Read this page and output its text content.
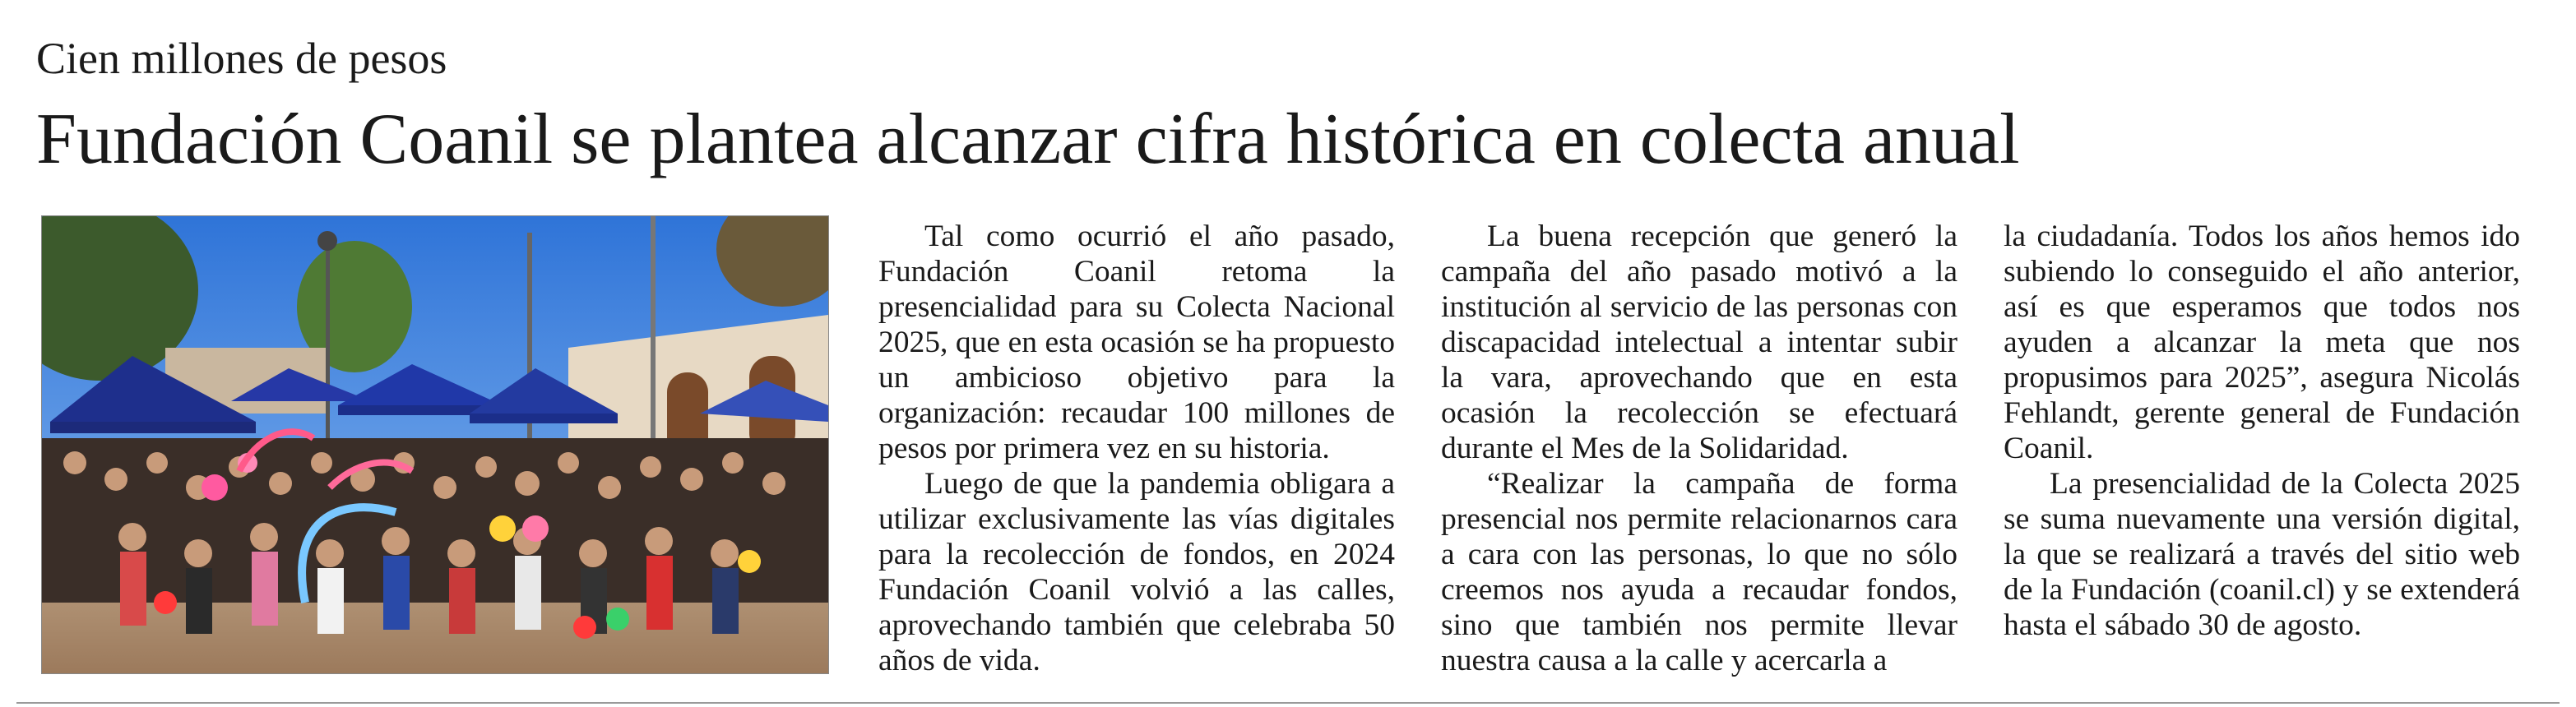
Cien millones de pesos
Fundación Coanil se plantea alcanzar cifra histórica en colecta anual

Tal como ocurrió el año pasado, Fundación Coanil retoma la presencialidad para su Colecta Nacional 2025, que en esta ocasión se ha propuesto un ambicioso objetivo para la organización: recaudar 100 millones de pesos por primera vez en su historia.

Luego de que la pandemia obligara a utilizar exclusivamente las vías digitales para la recolección de fondos, en 2024 Fundación Coanil volvió a las calles, aprovechando también que celebraba 50 años de vida.

La buena recepción que generó la campaña del año pasado motivó a la institución al servicio de las personas con discapacidad intelectual a intentar subir la vara, aprovechando que en esta ocasión la recolección se efectuará durante el Mes de la Solidaridad.

“Realizar la campaña de forma presencial nos permite relacionarnos cara a cara con las personas, lo que no sólo creemos nos ayuda a recaudar fondos, sino que también nos permite llevar nuestra causa a la calle y acercarla a

la ciudadanía. Todos los años hemos ido subiendo lo conseguido el año anterior, así es que esperamos que todos nos ayuden a alcanzar la meta que nos propusimos para 2025”, asegura Nicolás Fehlandt, gerente general de Fundación Coanil.

La presencialidad de la Colecta 2025 se suma nuevamente una versión digital, la que se realizará a través del sitio web de la Fundación (coanil.cl) y se extenderá hasta el sábado 30 de agosto.
